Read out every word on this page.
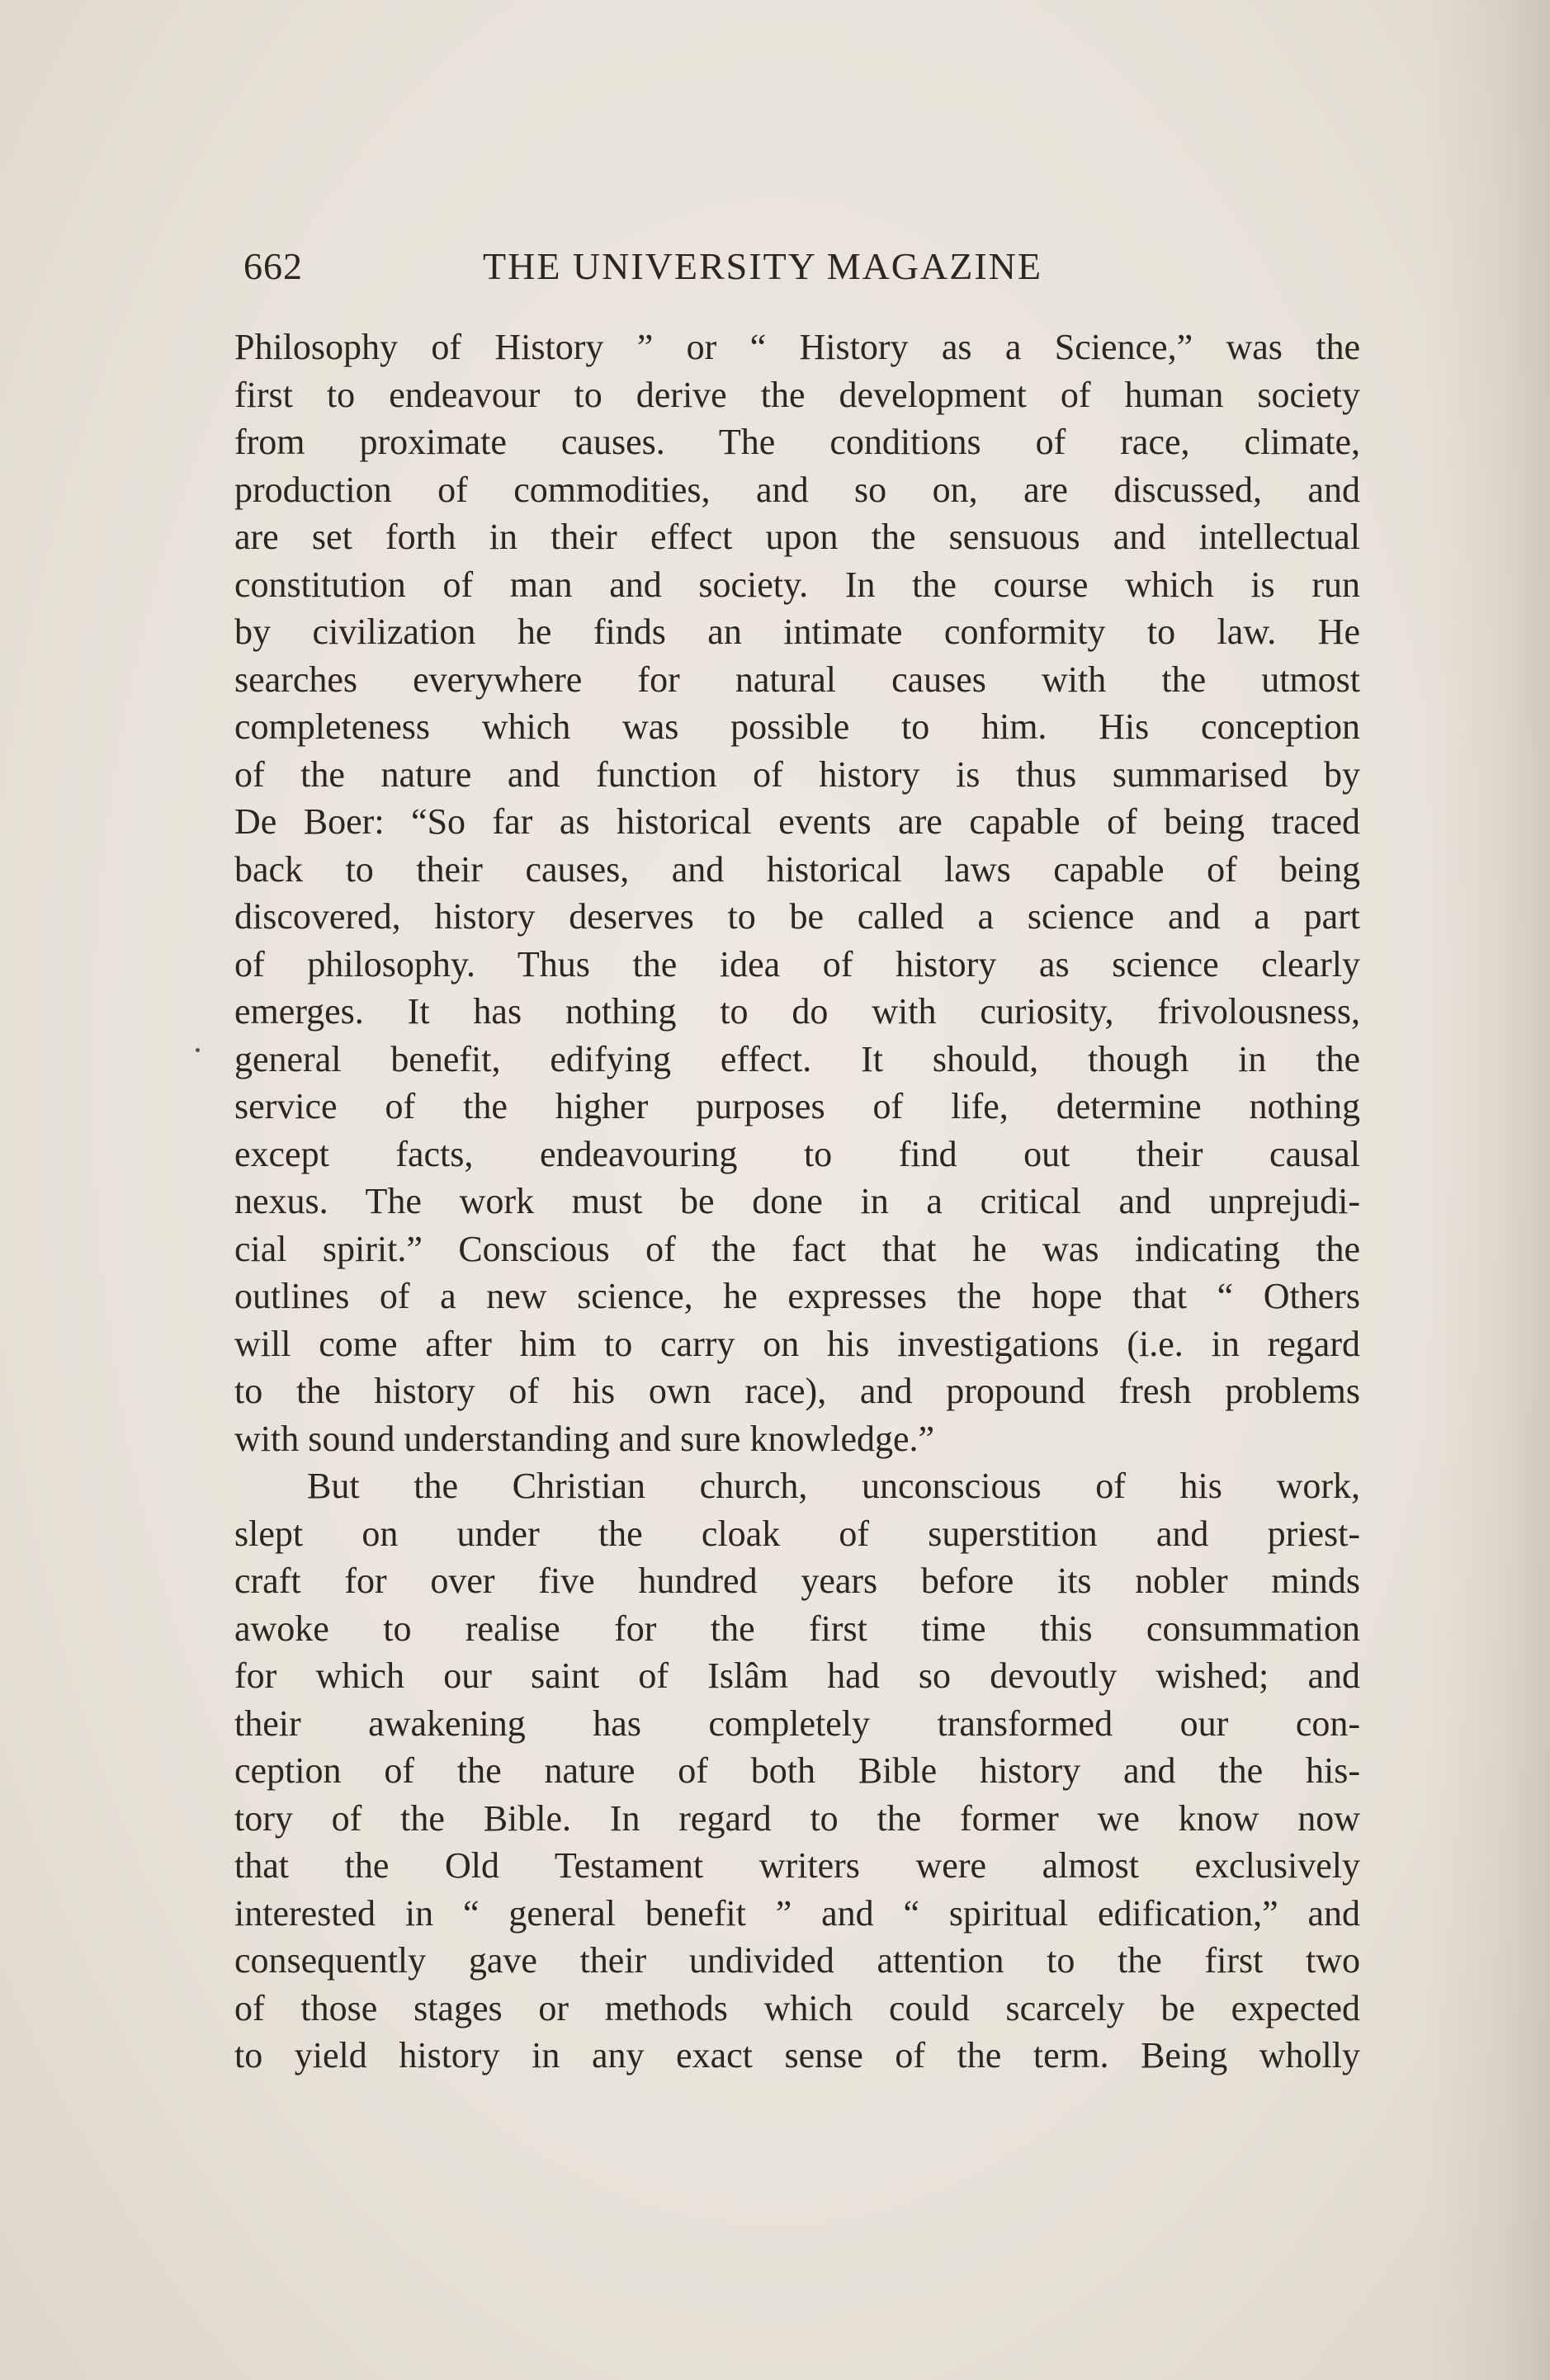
662	THE UNIVERSITY MAGAZINE

Philosophy of History ” or “ History as a Science,” was the
first to endeavour to derive the development of human society
from proximate causes. The conditions of race, climate,
production of commodities, and so on, are discussed, and
are set forth in their effect upon the sensuous and intellectual
constitution of man and society. In the course which is run
by civilization he finds an intimate conformity to law. He
searches everywhere for natural causes with the utmost
completeness which was possible to him. His conception
of the nature and function of history is thus summarised by
De Boer: “So far as historical events are capable of being traced
back to their causes, and historical laws capable of being
discovered, history deserves to be called a science and a part
of philosophy. Thus the idea of history as science clearly
emerges. It has nothing to do with curiosity, frivolousness,
general benefit, edifying effect. It should, though in the
service of the higher purposes of life, determine nothing
except facts, endeavouring to find out their causal
nexus. The work must be done in a critical and unprejudi-
cial spirit.” Conscious of the fact that he was indicating the
outlines of a new science, he expresses the hope that “ Others
will come after him to carry on his investigations (i.e. in regard
to the history of his own race), and propound fresh problems
with sound understanding and sure knowledge.”

But the Christian church, unconscious of his work,
slept on under the cloak of superstition and priest-
craft for over five hundred years before its nobler minds
awoke to realise for the first time this consummation
for which our saint of Islâm had so devoutly wished; and
their awakening has completely transformed our con-
ception of the nature of both Bible history and the his-
tory of the Bible. In regard to the former we know now
that the Old Testament writers were almost exclusively
interested in “ general benefit ” and “ spiritual edification,” and
consequently gave their undivided attention to the first two
of those stages or methods which could scarcely be expected
to yield history in any exact sense of the term. Being wholly
